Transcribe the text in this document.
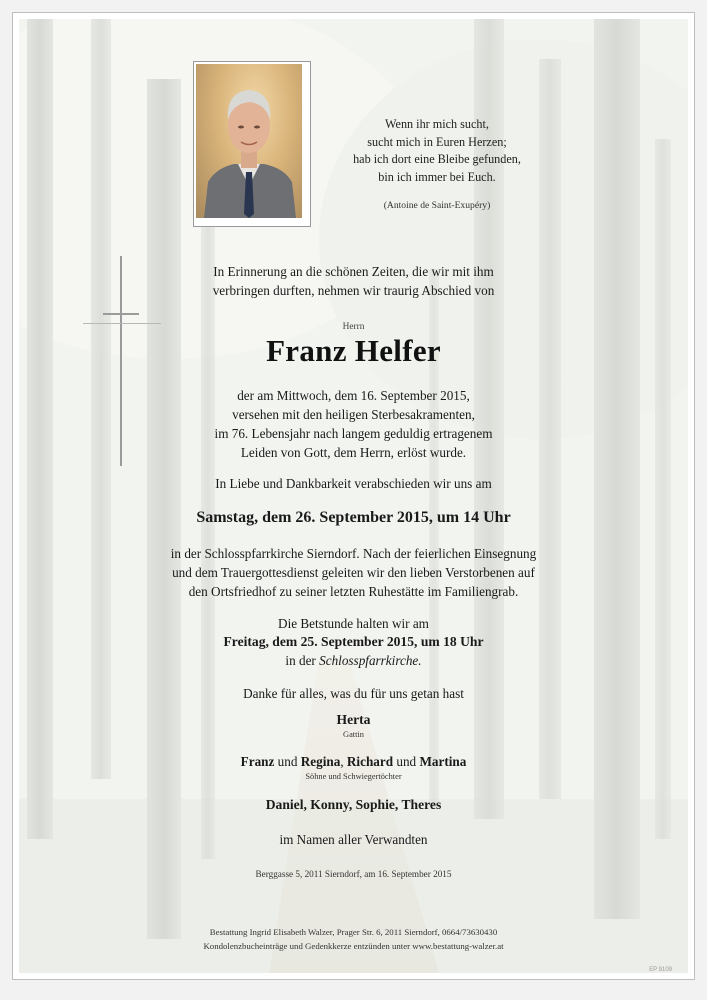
Wenn ihr mich sucht,
sucht mich in Euren Herzen;
hab ich dort eine Bleibe gefunden,
bin ich immer bei Euch.
(Antoine de Saint-Exupéry)
In Erinnerung an die schönen Zeiten, die wir mit ihm
verbringen durften, nehmen wir traurig Abschied von
Herrn
Franz Helfer
der am Mittwoch, dem 16. September 2015,
versehen mit den heiligen Sterbesakramenten,
im 76. Lebensjahr nach langem geduldig ertragenem
Leiden von Gott, dem Herrn, erlöst wurde.
In Liebe und Dankbarkeit verabschieden wir uns am
Samstag, dem 26. September 2015, um 14 Uhr
in der Schlosspfarrkirche Sierndorf. Nach der feierlichen Einsegnung
und dem Trauergottesdienst geleiten wir den lieben Verstorbenen auf
den Ortsfriedhof zu seiner letzten Ruhestätte im Familiengrab.
Die Betstunde halten wir am
Freitag, dem 25. September 2015, um 18 Uhr
in der Schlosspfarrkirche.
Danke für alles, was du für uns getan hast
Herta
Gattin
Franz und Regina, Richard und Martina
Söhne und Schwiegertöchter
Daniel, Konny, Sophie, Theres
im Namen aller Verwandten
Berggasse 5, 2011 Sierndorf, am 16. September 2015
Bestattung Ingrid Elisabeth Walzer, Prager Str. 6, 2011 Sierndorf, 0664/73630430
Kondolenzbucheinträge und Gedenkkerze entzünden unter www.bestattung-walzer.at
EP 9109
